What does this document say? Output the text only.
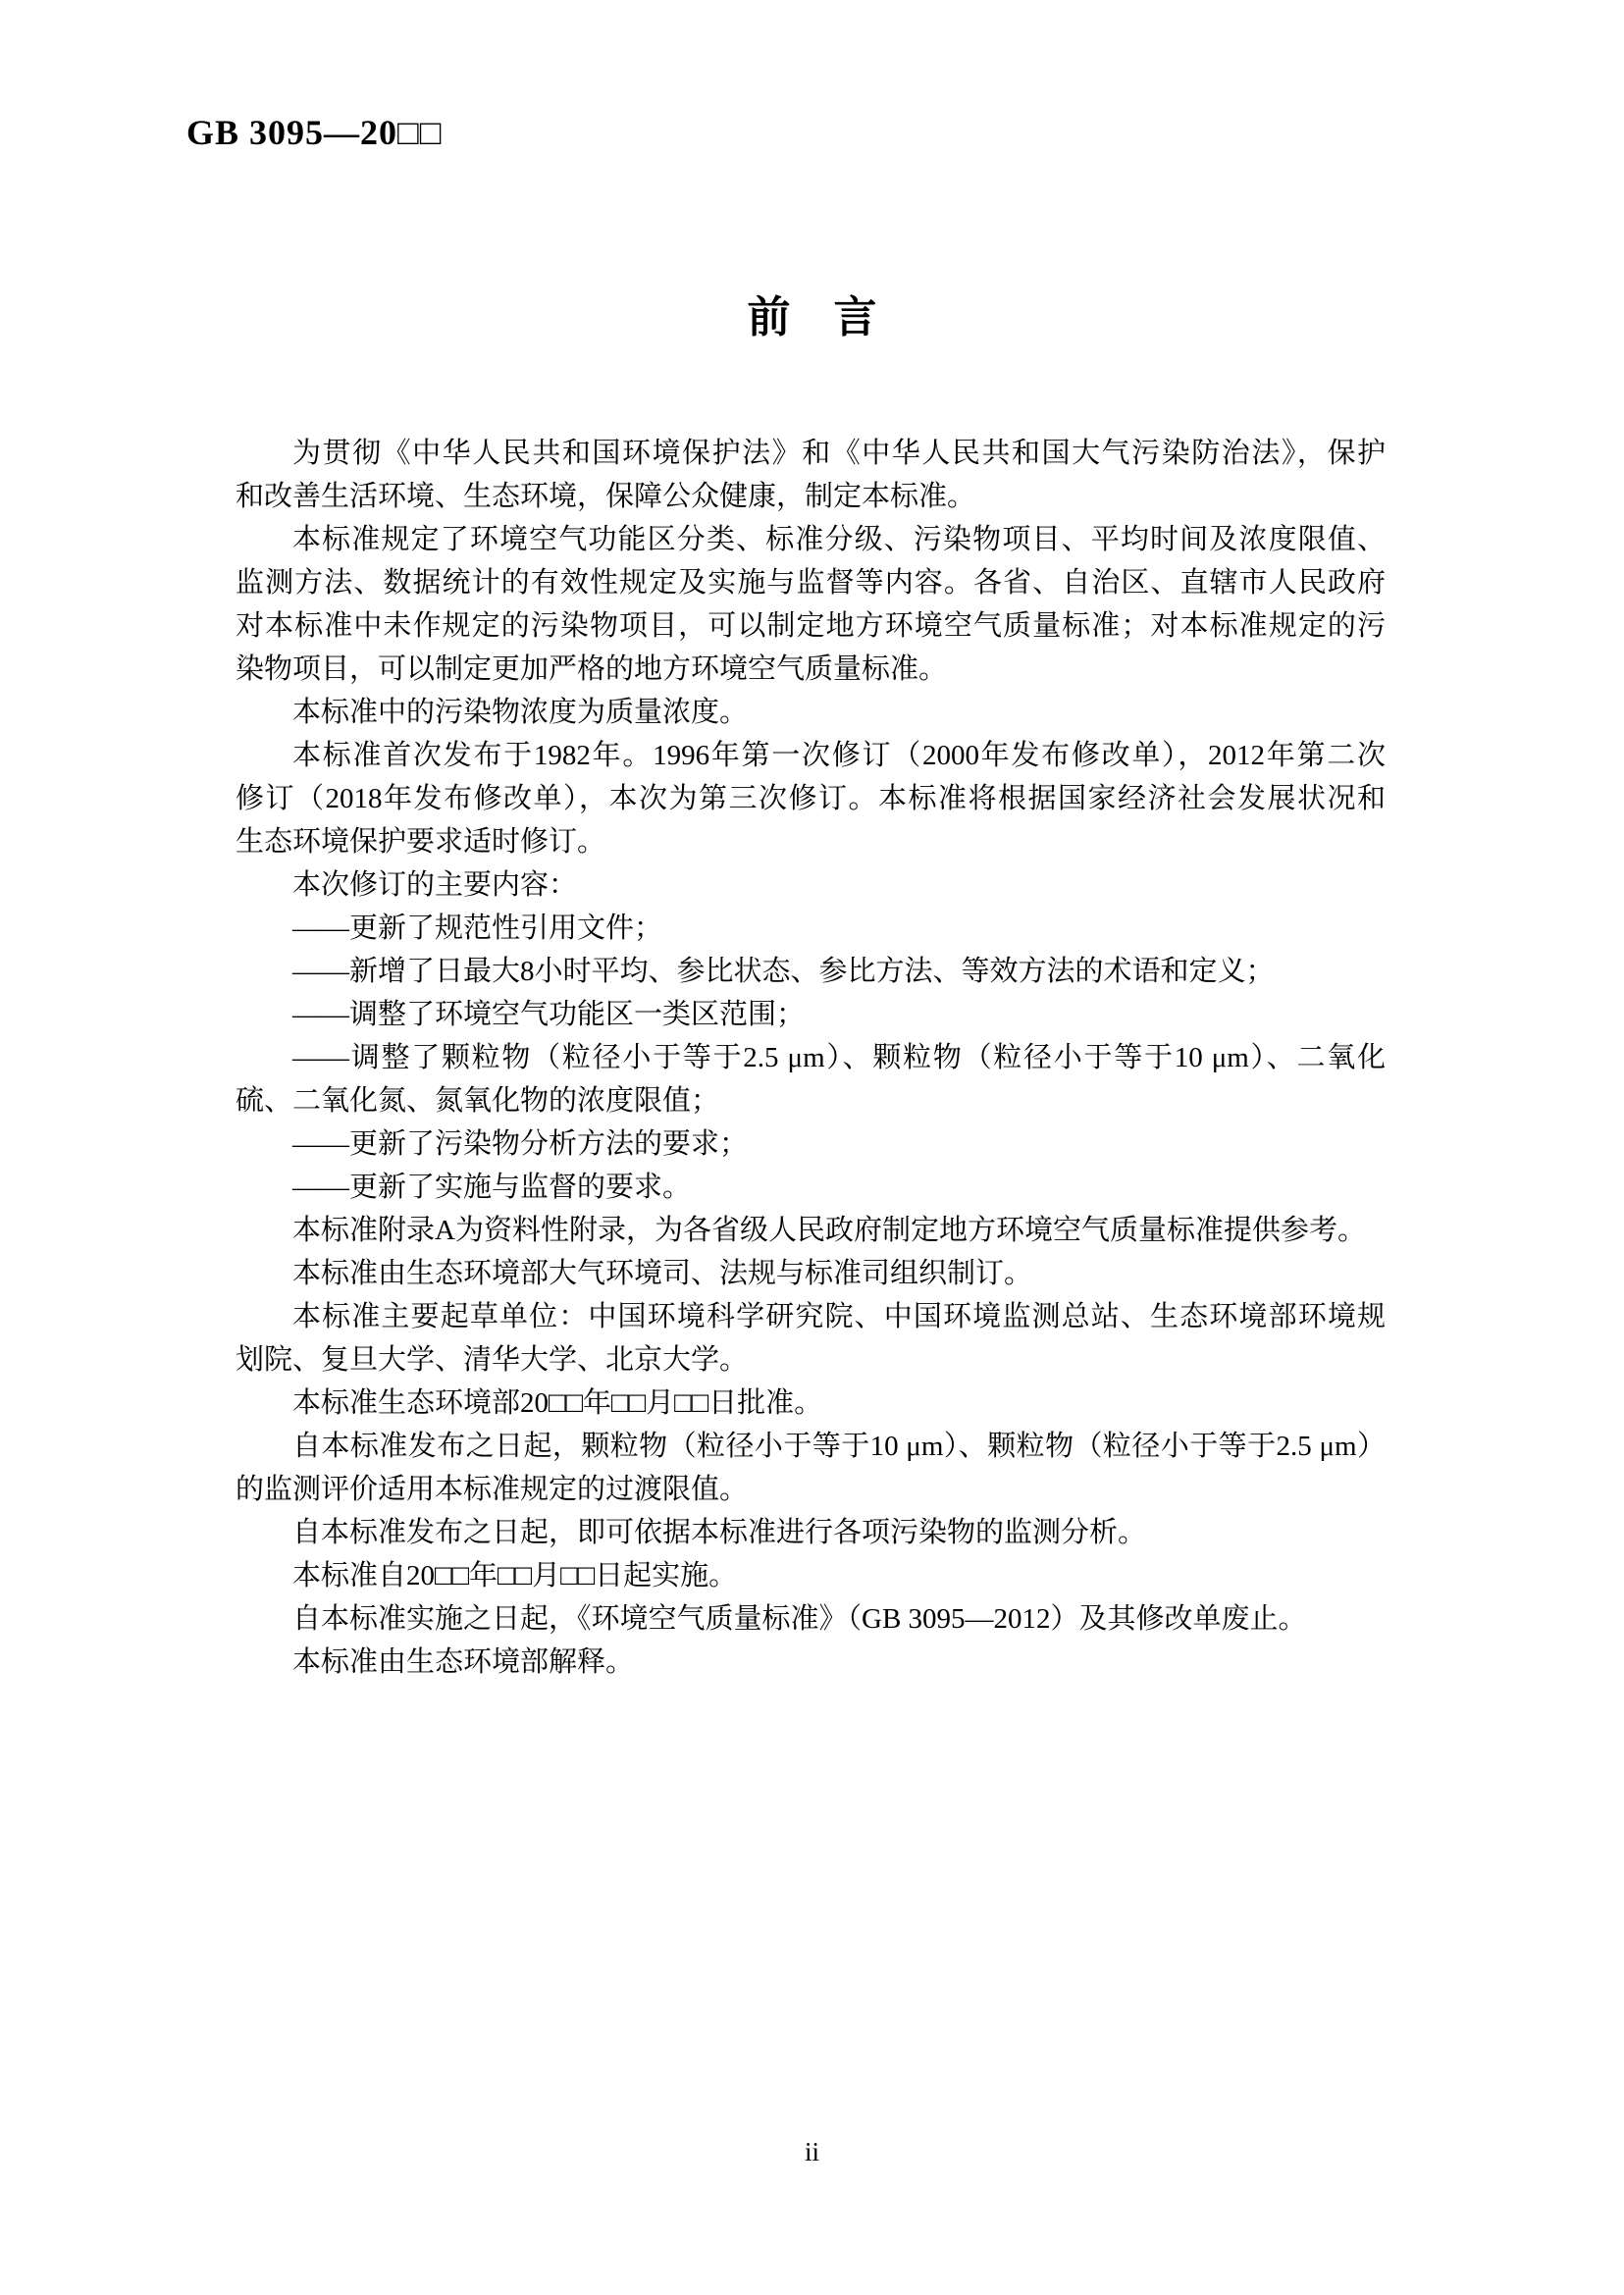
GB 3095—20□□
前　言
为贯彻《中华人民共和国环境保护法》和《中华人民共和国大气污染防治法》，保护
和改善生活环境、生态环境，保障公众健康，制定本标准。
本标准规定了环境空气功能区分类、标准分级、污染物项目、平均时间及浓度限值、
监测方法、数据统计的有效性规定及实施与监督等内容。各省、自治区、直辖市人民政府
对本标准中未作规定的污染物项目，可以制定地方环境空气质量标准；对本标准规定的污
染物项目，可以制定更加严格的地方环境空气质量标准。
本标准中的污染物浓度为质量浓度。
本标准首次发布于1982年。1996年第一次修订（2000年发布修改单），2012年第二次
修订（2018年发布修改单），本次为第三次修订。本标准将根据国家经济社会发展状况和
生态环境保护要求适时修订。
本次修订的主要内容：
——更新了规范性引用文件；
——新增了日最大8小时平均、参比状态、参比方法、等效方法的术语和定义；
——调整了环境空气功能区一类区范围；
——调整了颗粒物（粒径小于等于2.5 μm）、颗粒物（粒径小于等于10 μm）、二氧化
硫、二氧化氮、氮氧化物的浓度限值；
——更新了污染物分析方法的要求；
——更新了实施与监督的要求。
本标准附录A为资料性附录，为各省级人民政府制定地方环境空气质量标准提供参考。
本标准由生态环境部大气环境司、法规与标准司组织制订。
本标准主要起草单位：中国环境科学研究院、中国环境监测总站、生态环境部环境规
划院、复旦大学、清华大学、北京大学。
本标准生态环境部20□□年□□月□□日批准。
自本标准发布之日起，颗粒物（粒径小于等于10 μm）、颗粒物（粒径小于等于2.5 μm）
的监测评价适用本标准规定的过渡限值。
自本标准发布之日起，即可依据本标准进行各项污染物的监测分析。
本标准自20□□年□□月□□日起实施。
自本标准实施之日起，《环境空气质量标准》（GB 3095—2012）及其修改单废止。
本标准由生态环境部解释。
ii
